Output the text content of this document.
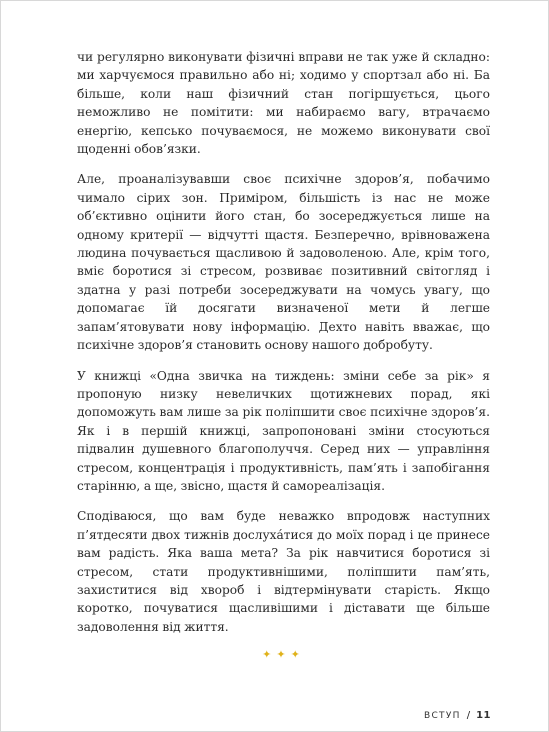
чи регулярно виконувати фізичні вправи не так уже й складно: ми харчуємося правильно або ні; ходимо у спортзал або ні. Ба більше, коли наш фізичний стан погіршується, цього неможливо не помітити: ми набираємо вагу, втрачаємо енергію, кепсько почуваємося, не можемо виконувати свої щоденні обов’язки.

Але, проаналізувавши своє психічне здоров’я, побачимо чимало сірих зон. Приміром, більшість із нас не може об’єктивно оцінити його стан, бо зосереджується лише на одному критерії — відчутті щастя. Безперечно, врівноважена людина почувається щасливою й задоволеною. Але, крім того, вміє боротися зі стресом, розвиває позитивний світогляд і здатна у разі потреби зосереджувати на чомусь увагу, що допомагає їй досягати визначеної мети й легше запам’ятовувати нову інформацію. Дехто навіть вважає, що психічне здоров’я становить основу нашого добробуту.

У книжці «Одна звичка на тиждень: зміни себе за рік» я пропоную низку невеличких щотижневих порад, які допоможуть вам лише за рік поліпшити своє психічне здоров’я. Як і в першій книжці, запропоновані зміни стосуються підвалин душевного благополуччя. Серед них — управління стресом, концентрація і продуктивність, пам’ять і запобігання старінню, а ще, звісно, щастя й самореалізація.

Сподіваюся, що вам буде неважко впродовж наступних п’ятдесяти двох тижнів дослухáтися до моїх порад і це принесе вам радість. Яка ваша мета? За рік навчитися боротися зі стресом, стати продуктивнішими, поліпшити пам’ять, захиститися від хвороб і відтермінувати старість. Якщо коротко, почуватися щасливішими і діставати ще більше задоволення від життя.

✦✦✦
ВСТУП / 11
